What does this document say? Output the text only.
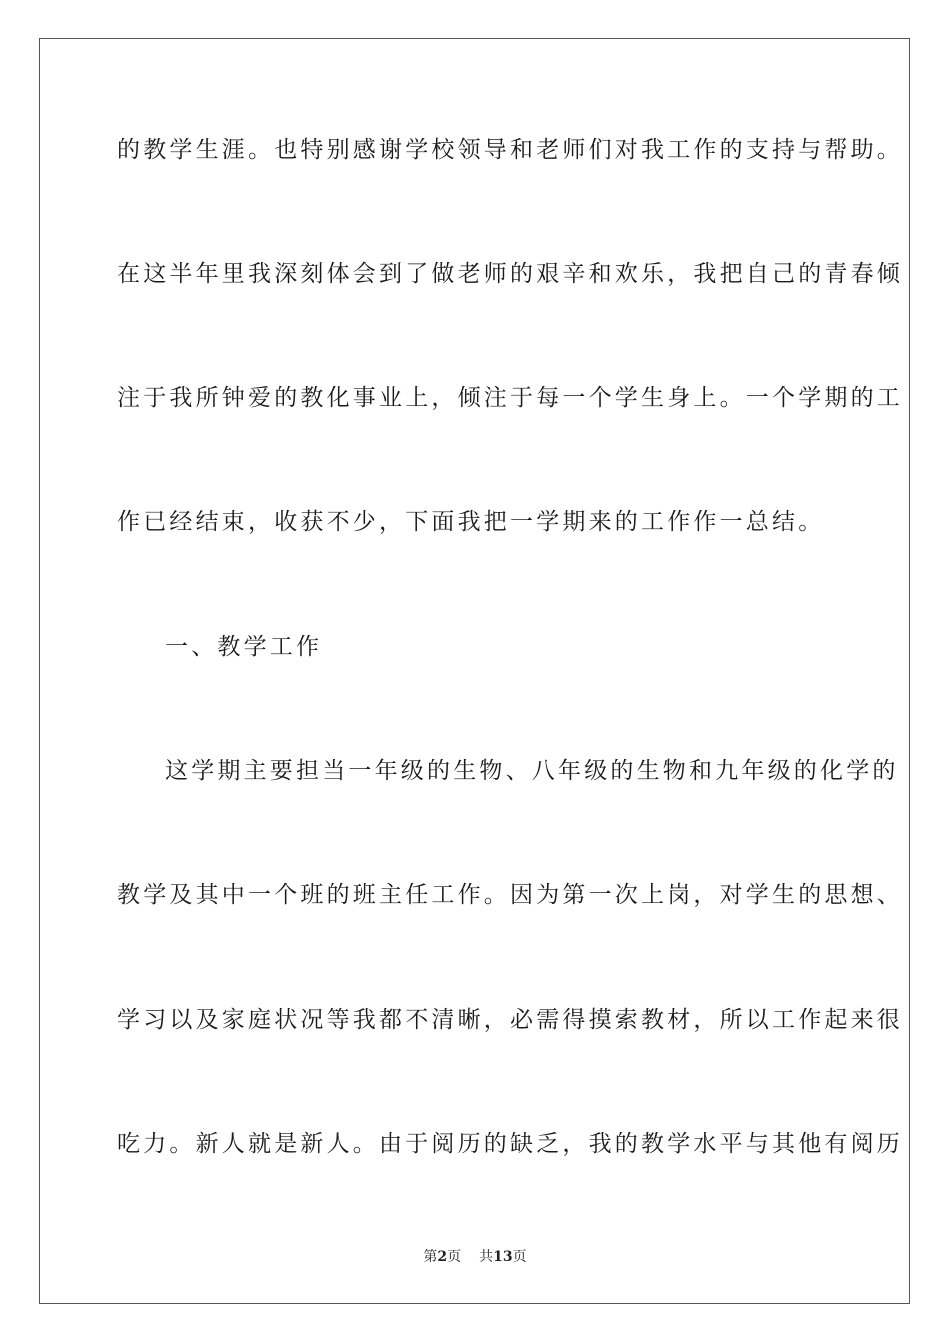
的教学生涯。也特别感谢学校领导和老师们对我工作的支持与帮助。
在这半年里我深刻体会到了做老师的艰辛和欢乐，我把自己的青春倾
注于我所钟爱的教化事业上，倾注于每一个学生身上。一个学期的工
作已经结束，收获不少，下面我把一学期来的工作作一总结。
一、教学工作
这学期主要担当一年级的生物、八年级的生物和九年级的化学的
教学及其中一个班的班主任工作。因为第一次上岗，对学生的思想、
学习以及家庭状况等我都不清晰，必需得摸索教材，所以工作起来很
吃力。新人就是新人。由于阅历的缺乏，我的教学水平与其他有阅历
第2页 共13页
